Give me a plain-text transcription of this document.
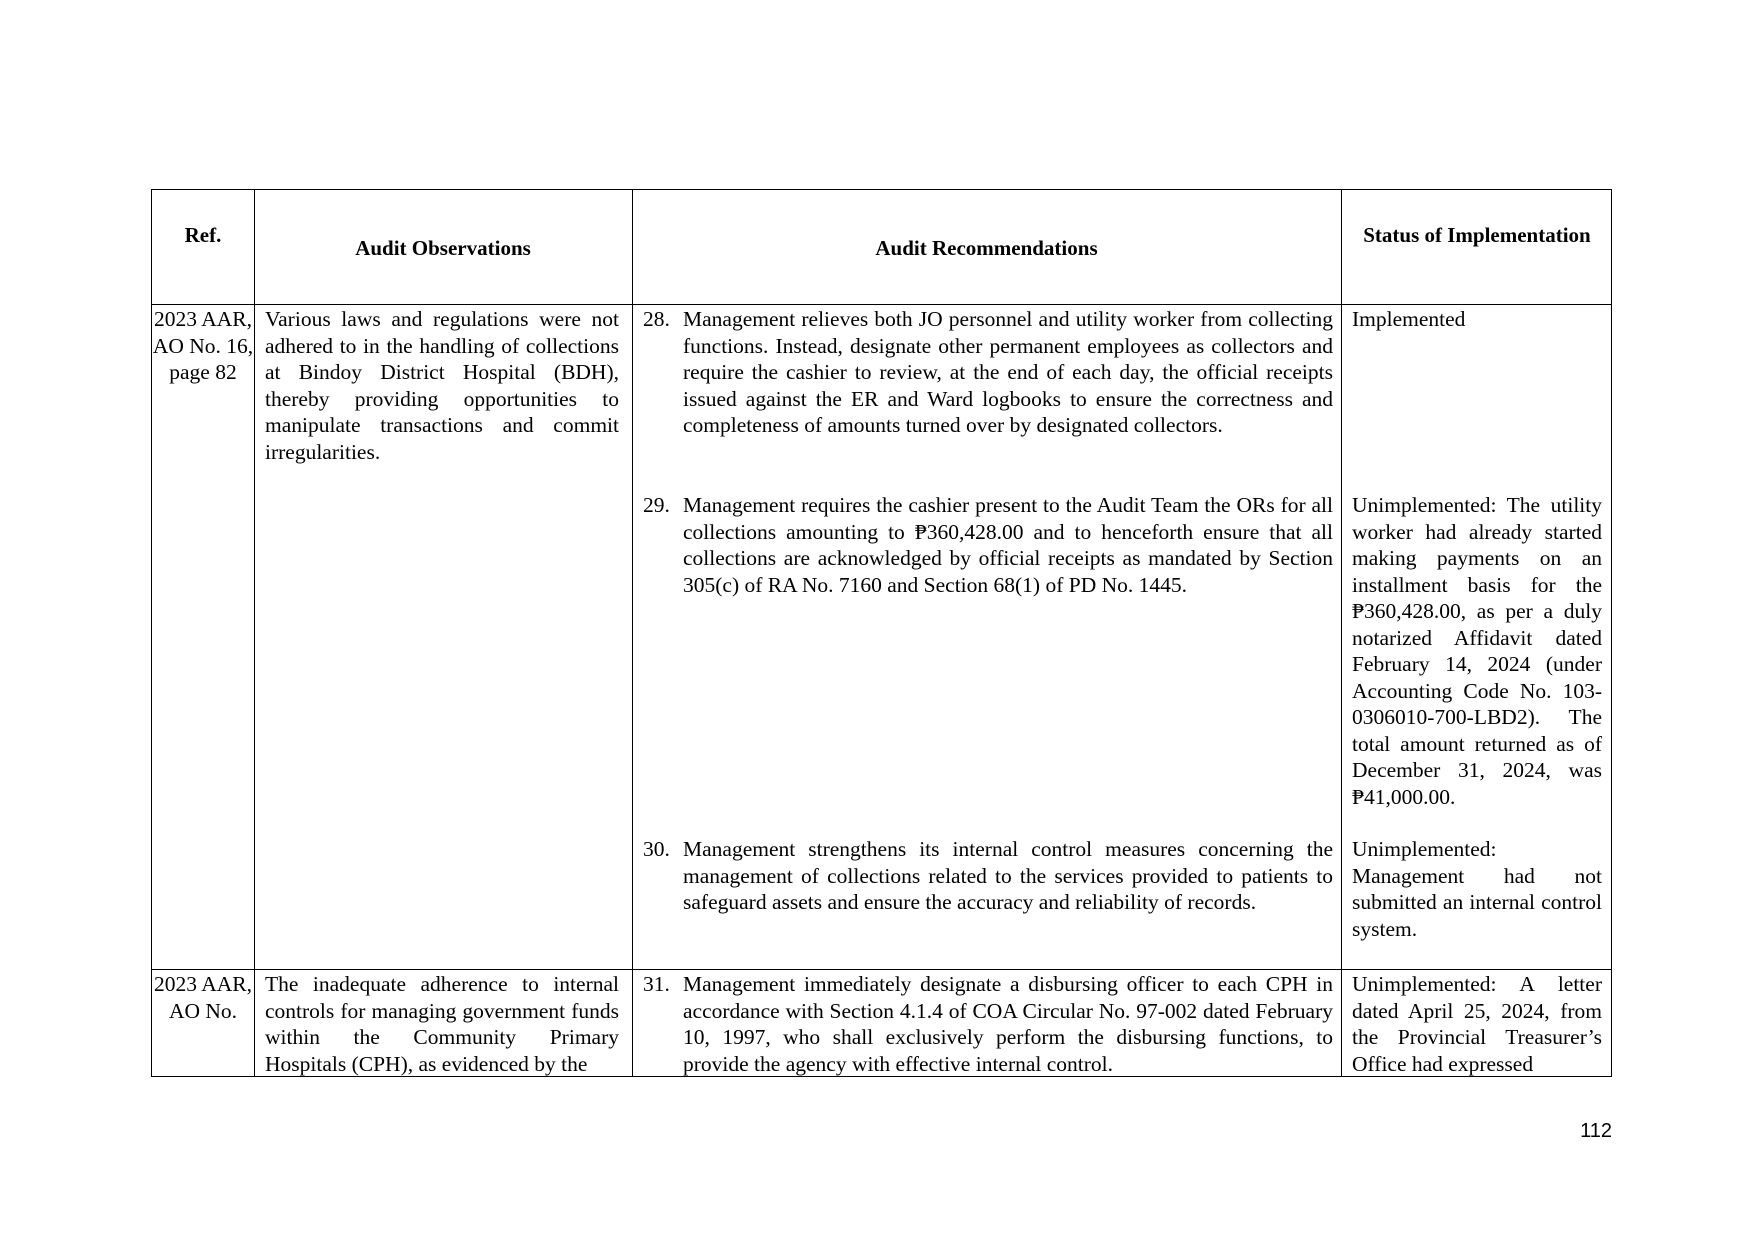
Ref.
Audit Observations	Audit Recommendations
Status of Implementation
2023 AAR, AO No. 16, page 82
Various laws and regulations were not adhered to in the handling of collections at Bindoy District Hospital (BDH), thereby providing opportunities to manipulate transactions and commit irregularities.
28. Management relieves both JO personnel and utility worker from collecting functions. Instead, designate other permanent employees as collectors and require the cashier to review, at the end of each day, the official receipts issued against the ER and Ward logbooks to ensure the correctness and completeness of amounts turned over by designated collectors.
Implemented
29. Management requires the cashier present to the Audit Team the ORs for all collections amounting to ₱360,428.00 and to henceforth ensure that all collections are acknowledged by official receipts as mandated by Section 305(c) of RA No. 7160 and Section 68(1) of PD No. 1445.
Unimplemented: The utility worker had already started making payments on an installment basis for the ₱360,428.00, as per a duly notarized Affidavit dated February 14, 2024 (under Accounting Code No. 103-0306010-700-LBD2). The total amount returned as of December 31, 2024, was ₱41,000.00.
30. Management strengthens its internal control measures concerning the management of collections related to the services provided to patients to safeguard assets and ensure the accuracy and reliability of records.
Unimplemented:
Management had not submitted an internal control system.
2023 AAR, AO No.
The inadequate adherence to internal controls for managing government funds within the Community Primary Hospitals (CPH), as evidenced by the
31. Management immediately designate a disbursing officer to each CPH in accordance with Section 4.1.4 of COA Circular No. 97-002 dated February 10, 1997, who shall exclusively perform the disbursing functions, to provide the agency with effective internal control.
Unimplemented: A letter dated April 25, 2024, from the Provincial Treasurer’s Office had expressed
112
